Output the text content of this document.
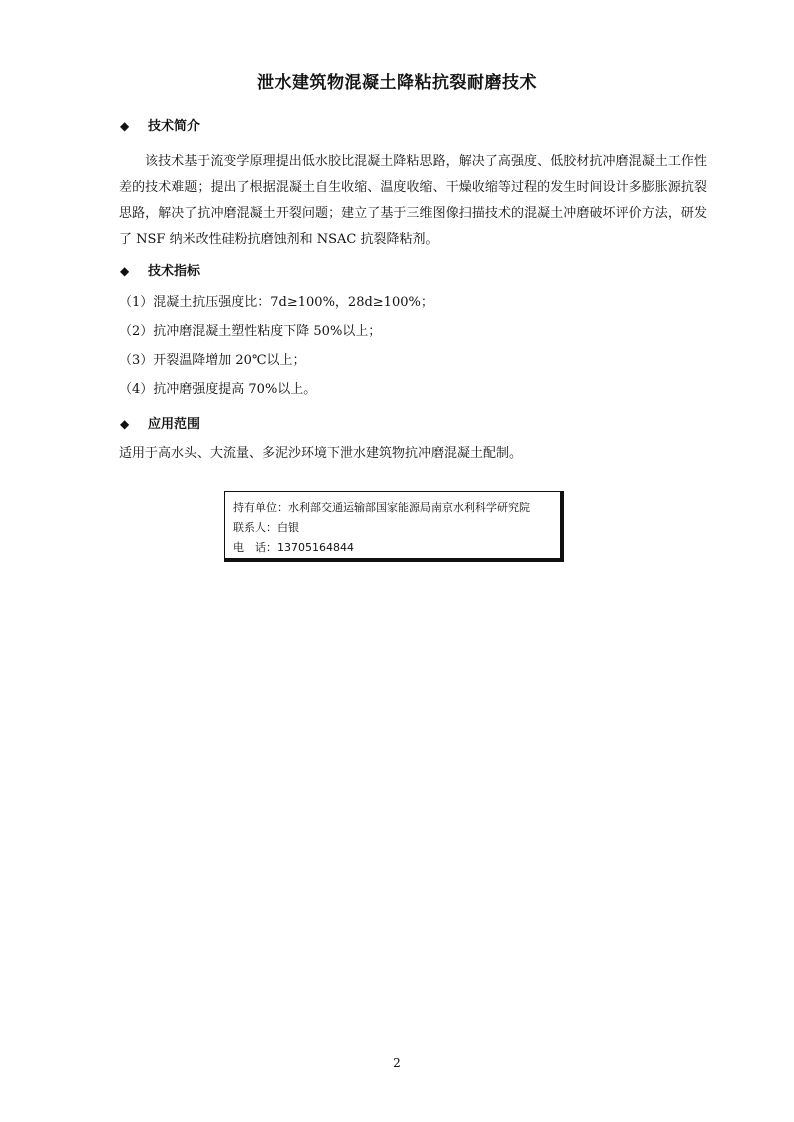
泄水建筑物混凝土降粘抗裂耐磨技术
◆ 技术简介

该技术基于流变学原理提出低水胶比混凝土降粘思路，解决了高强度、低胶材抗冲磨混凝土工作性差的技术难题；提出了根据混凝土自生收缩、温度收缩、干燥收缩等过程的发生时间设计多膨胀源抗裂思路，解决了抗冲磨混凝土开裂问题；建立了基于三维图像扫描技术的混凝土冲磨破坏评价方法，研发了 NSF 纳米改性硅粉抗磨蚀剂和 NSAC 抗裂降粘剂。

◆ 技术指标
（1）混凝土抗压强度比：7d≥100%，28d≥100%；
（2）抗冲磨混凝土塑性粘度下降 50%以上；
（3）开裂温降增加 20℃以上；
（4）抗冲磨强度提高 70%以上。
◆ 应用范围
适用于高水头、大流量、多泥沙环境下泄水建筑物抗冲磨混凝土配制。
持有单位：水利部交通运输部国家能源局南京水利科学研究院
联系人：白银
电　话：13705164844
2
